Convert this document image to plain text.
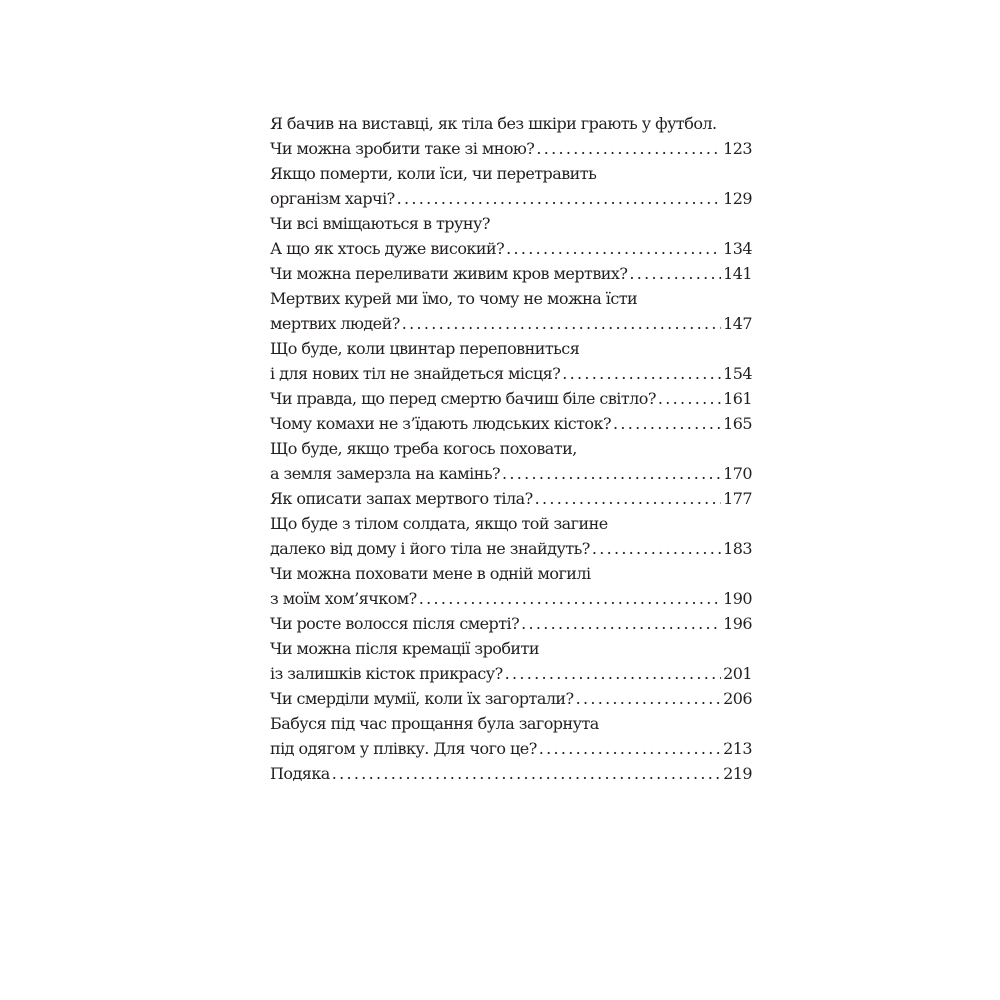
Я бачив на виставці, як тіла без шкіри грають у футбол.
Чи можна зробити таке зі мною? . . .	123
Якщо померти, коли їси, чи перетравить
організм харчі? . . .	129
Чи всі вміщаються в труну?
А що як хтось дуже високий? . . .	134
Чи можна переливати живим кров мертвих? . . .	141
Мертвих курей ми їмо, то чому не можна їсти
мертвих людей? . . .	147
Що буде, коли цвинтар переповниться
і для нових тіл не знайдеться місця? . . .	154
Чи правда, що перед смертю бачиш біле світло? . . .	161
Чому комахи не з’їдають людських кісток? . . .	165
Що буде, якщо треба когось поховати,
а земля замерзла на камінь? . . .	170
Як описати запах мертвого тіла? . . .	177
Що буде з тілом солдата, якщо той загине
далеко від дому і його тіла не знайдуть? . . .	183
Чи можна поховати мене в одній могилі
з моїм хом’ячком? . . .	190
Чи росте волосся після смерті? . . .	196
Чи можна після кремації зробити
із залишків кісток прикрасу? . . .	201
Чи смерділи мумії, коли їх загортали? . . .	206
Бабуся під час прощання була загорнута
під одягом у плівку. Для чого це? . . .	213
Подяка . . .	219
